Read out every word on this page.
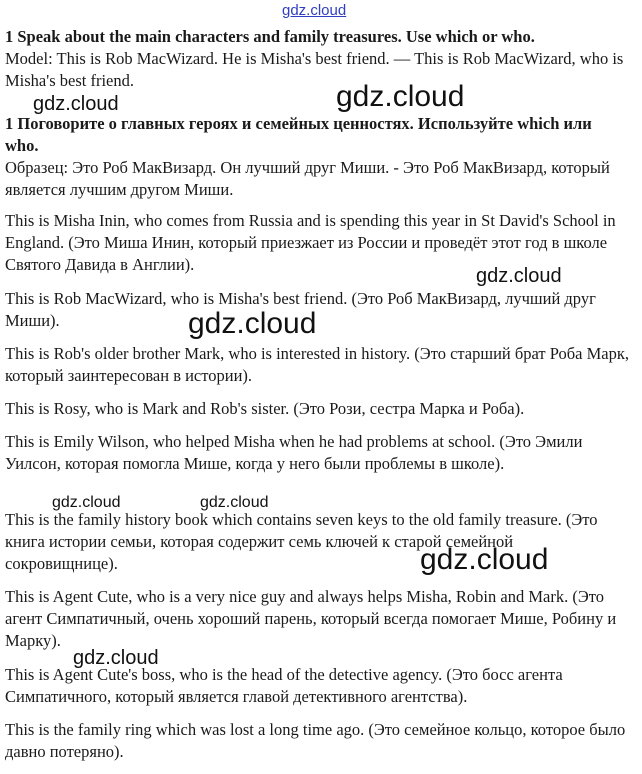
gdz.cloud
1 Speak about the main characters and family treasures. Use which or who.

Model: This is Rob MacWizard. He is Misha's best friend. — This is Rob MacWizard, who is Misha's best friend.

1 Поговорите о главных героях и семейных ценностях. Используйте which или who.

Образец: Это Роб МакВизард. Он лучший друг Миши. - Это Роб МакВизард, который является лучшим другом Миши.

This is Misha Inin, who comes from Russia and is spending this year in St David's School in England. (Это Миша Инин, который приезжает из России и проведёт этот год в школе Святого Давида в Англии).

This is Rob MacWizard, who is Misha's best friend. (Это Роб МакВизард, лучший друг Миши).

This is Rob's older brother Mark, who is interested in history. (Это старший брат Роба Марк, который заинтересован в истории).

This is Rosy, who is Mark and Rob's sister. (Это Рози, сестра Марка и Роба).

This is Emily Wilson, who helped Misha when he had problems at school. (Это Эмили Уилсон, которая помогла Мише, когда у него были проблемы в школе).

This is the family history book which contains seven keys to the old family treasure. (Это книга истории семьи, которая содержит семь ключей к старой семейной сокровищнице).

This is Agent Cute, who is a very nice guy and always helps Misha, Robin and Mark. (Это агент Симпатичный, очень хороший парень, который всегда помогает Мише, Робину и Марку).

This is Agent Cute's boss, who is the head of the detective agency. (Это босс агента Симпатичного, который является главой детективного агентства).

This is the family ring which was lost a long time ago. (Это семейное кольцо, которое было давно потеряно).

gdz.cloud	gdz.cloud
gdz.cloud
gdz.cloud
gdz.cloud	gdz.cloud
gdz.cloud
gdz.cloud
